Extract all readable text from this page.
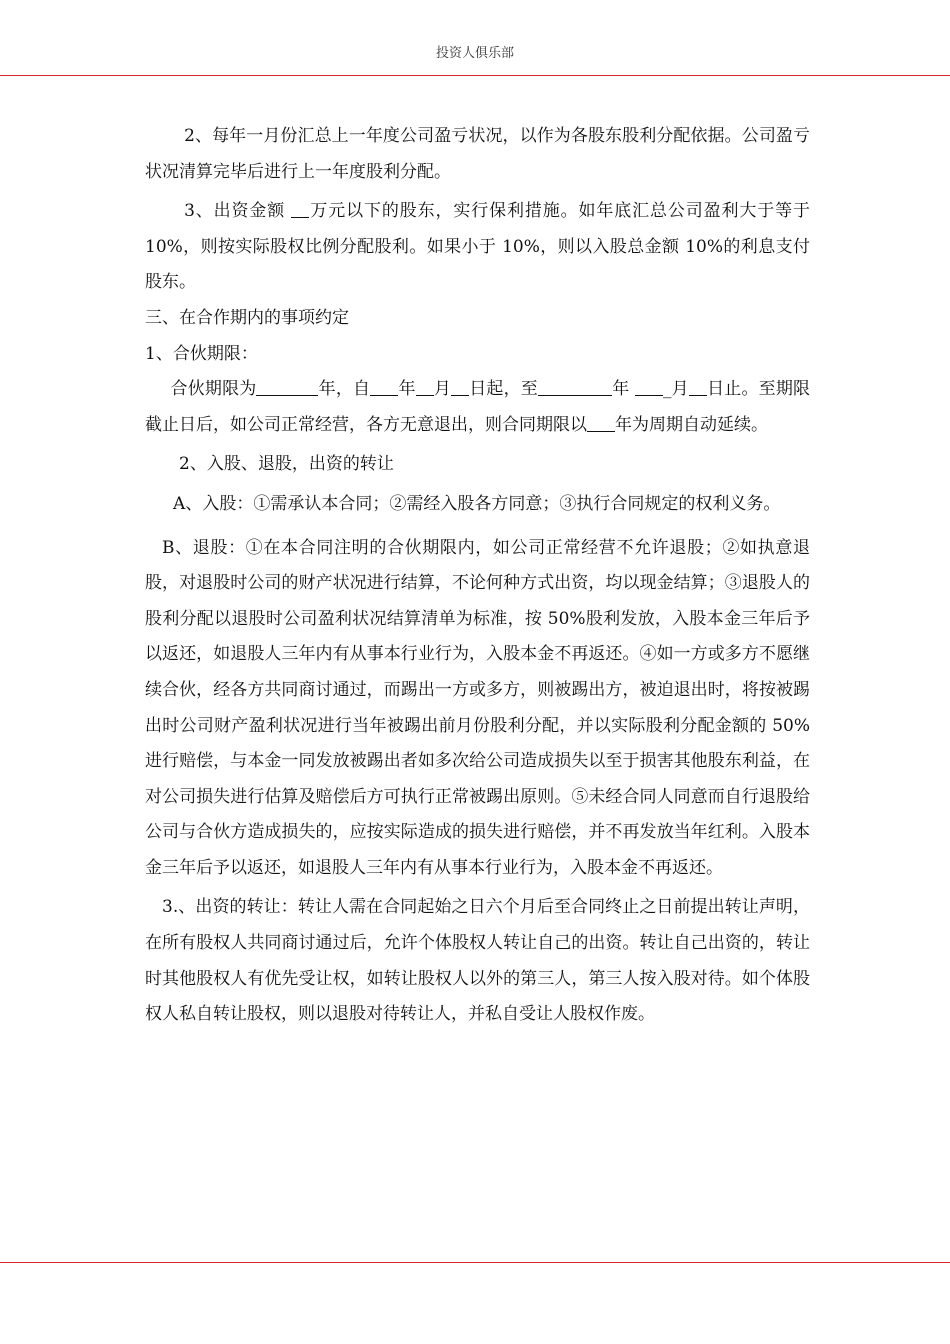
投资人俱乐部

2、每年一月份汇总上一年度公司盈亏状况，以作为各股东股利分配依据。公司盈亏状况清算完毕后进行上一年度股利分配。

3、出资金额 万元以下的股东，实行保利措施。如年底汇总公司盈利大于等于 10%，则按实际股权比例分配股利。如果小于 10%，则以入股总金额 10%的利息支付股东。

三、在合作期内的事项约定

1、合伙期限：

合伙期限为	年，自 年 月 日起，至	年 _月 日止。至期限截止日后，如公司正常经营，各方无意退出，则合同期限以 年为周期自动延续。

2、入股、退股，出资的转让

A、入股：①需承认本合同；②需经入股各方同意；③执行合同规定的权利义务。

B、退股：①在本合同注明的合伙期限内，如公司正常经营不允许退股；②如执意退股，对退股时公司的财产状况进行结算，不论何种方式出资，均以现金结算；③退股人的股利分配以退股时公司盈利状况结算清单为标准，按 50%股利发放，入股本金三年后予以返还，如退股人三年内有从事本行业行为，入股本金不再返还。④如一方或多方不愿继续合伙，经各方共同商讨通过，而踢出一方或多方，则被踢出方，被迫退出时，将按被踢出时公司财产盈利状况进行当年被踢出前月份股利分配，并以实际股利分配金额的 50%进行赔偿，与本金一同发放被踢出者如多次给公司造成损失以至于损害其他股东利益，在对公司损失进行估算及赔偿后方可执行正常被踢出原则。⑤未经合同人同意而自行退股给公司与合伙方造成损失的，应按实际造成的损失进行赔偿，并不再发放当年红利。入股本金三年后予以返还，如退股人三年内有从事本行业行为，入股本金不再返还。

3.、出资的转让：转让人需在合同起始之日六个月后至合同终止之日前提出转让声明，在所有股权人共同商讨通过后，允许个体股权人转让自己的出资。转让自己出资的，转让时其他股权人有优先受让权，如转让股权人以外的第三人，第三人按入股对待。如个体股权人私自转让股权，则以退股对待转让人，并私自受让人股权作废。
